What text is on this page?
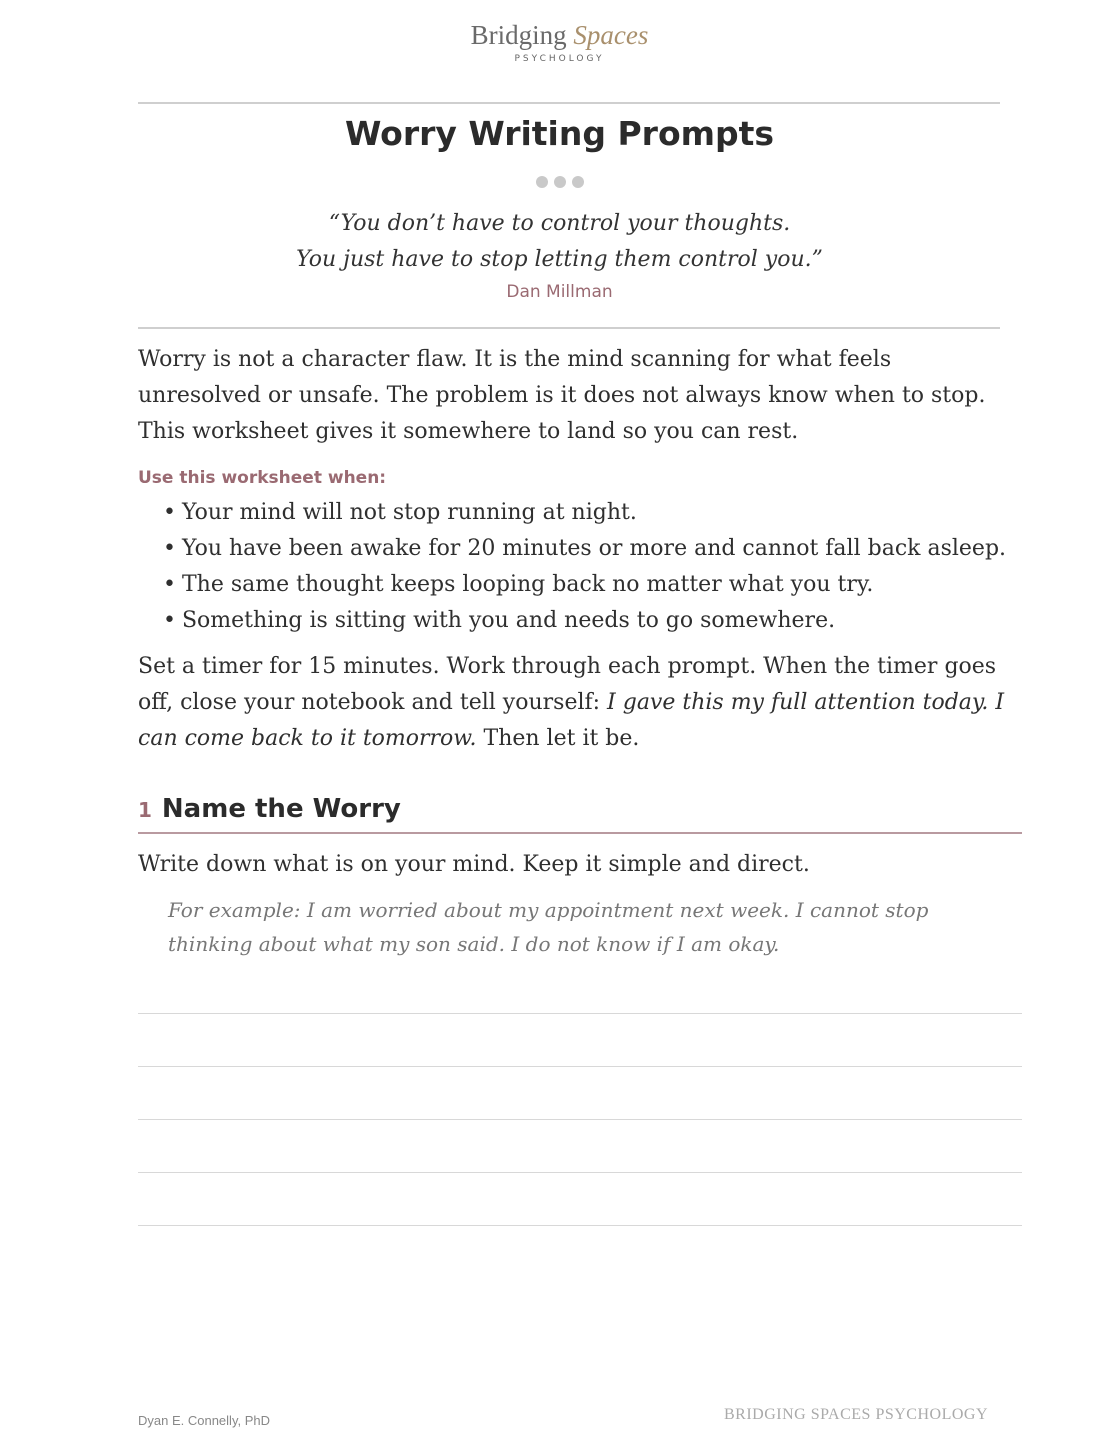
Bridging Spaces
PSYCHOLOGY
Worry Writing Prompts
“You don’t have to control your thoughts.
You just have to stop letting them control you.”
Dan Millman
Worry is not a character flaw. It is the mind scanning for what feels unresolved or unsafe. The problem is it does not always know when to stop. This worksheet gives it somewhere to land so you can rest.
Use this worksheet when:
• Your mind will not stop running at night.
• You have been awake for 20 minutes or more and cannot fall back asleep.
• The same thought keeps looping back no matter what you try.
• Something is sitting with you and needs to go somewhere.
Set a timer for 15 minutes. Work through each prompt. When the timer goes off, close your notebook and tell yourself: I gave this my full attention today. I can come back to it tomorrow. Then let it be.
1 Name the Worry
Write down what is on your mind. Keep it simple and direct.
For example: I am worried about my appointment next week. I cannot stop thinking about what my son said. I do not know if I am okay.
Dyan E. Connelly, PhD	BRIDGING SPACES PSYCHOLOGY
